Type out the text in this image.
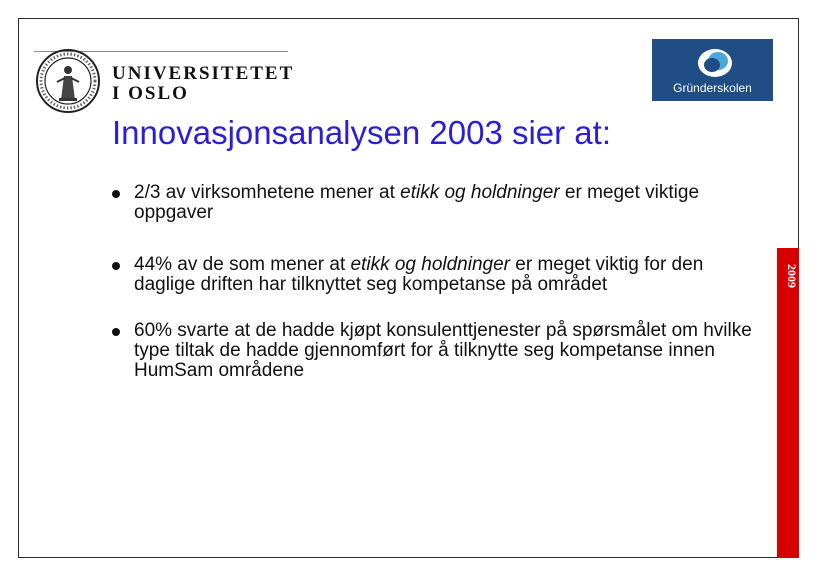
UNIVERSITETET
I OSLO	Gründerskolen
Innovasjonsanalysen 2003 sier at:
2009
2/3 av virksomhetene mener at etikk og holdninger er meget viktige oppgaver
44% av de som mener at etikk og holdninger er meget viktig for den daglige driften har tilknyttet seg kompetanse på området
60% svarte at de hadde kjøpt konsulenttjenester på spørsmålet om hvilke type tiltak de hadde gjennomført for å tilknytte seg kompetanse innen HumSam områdene
